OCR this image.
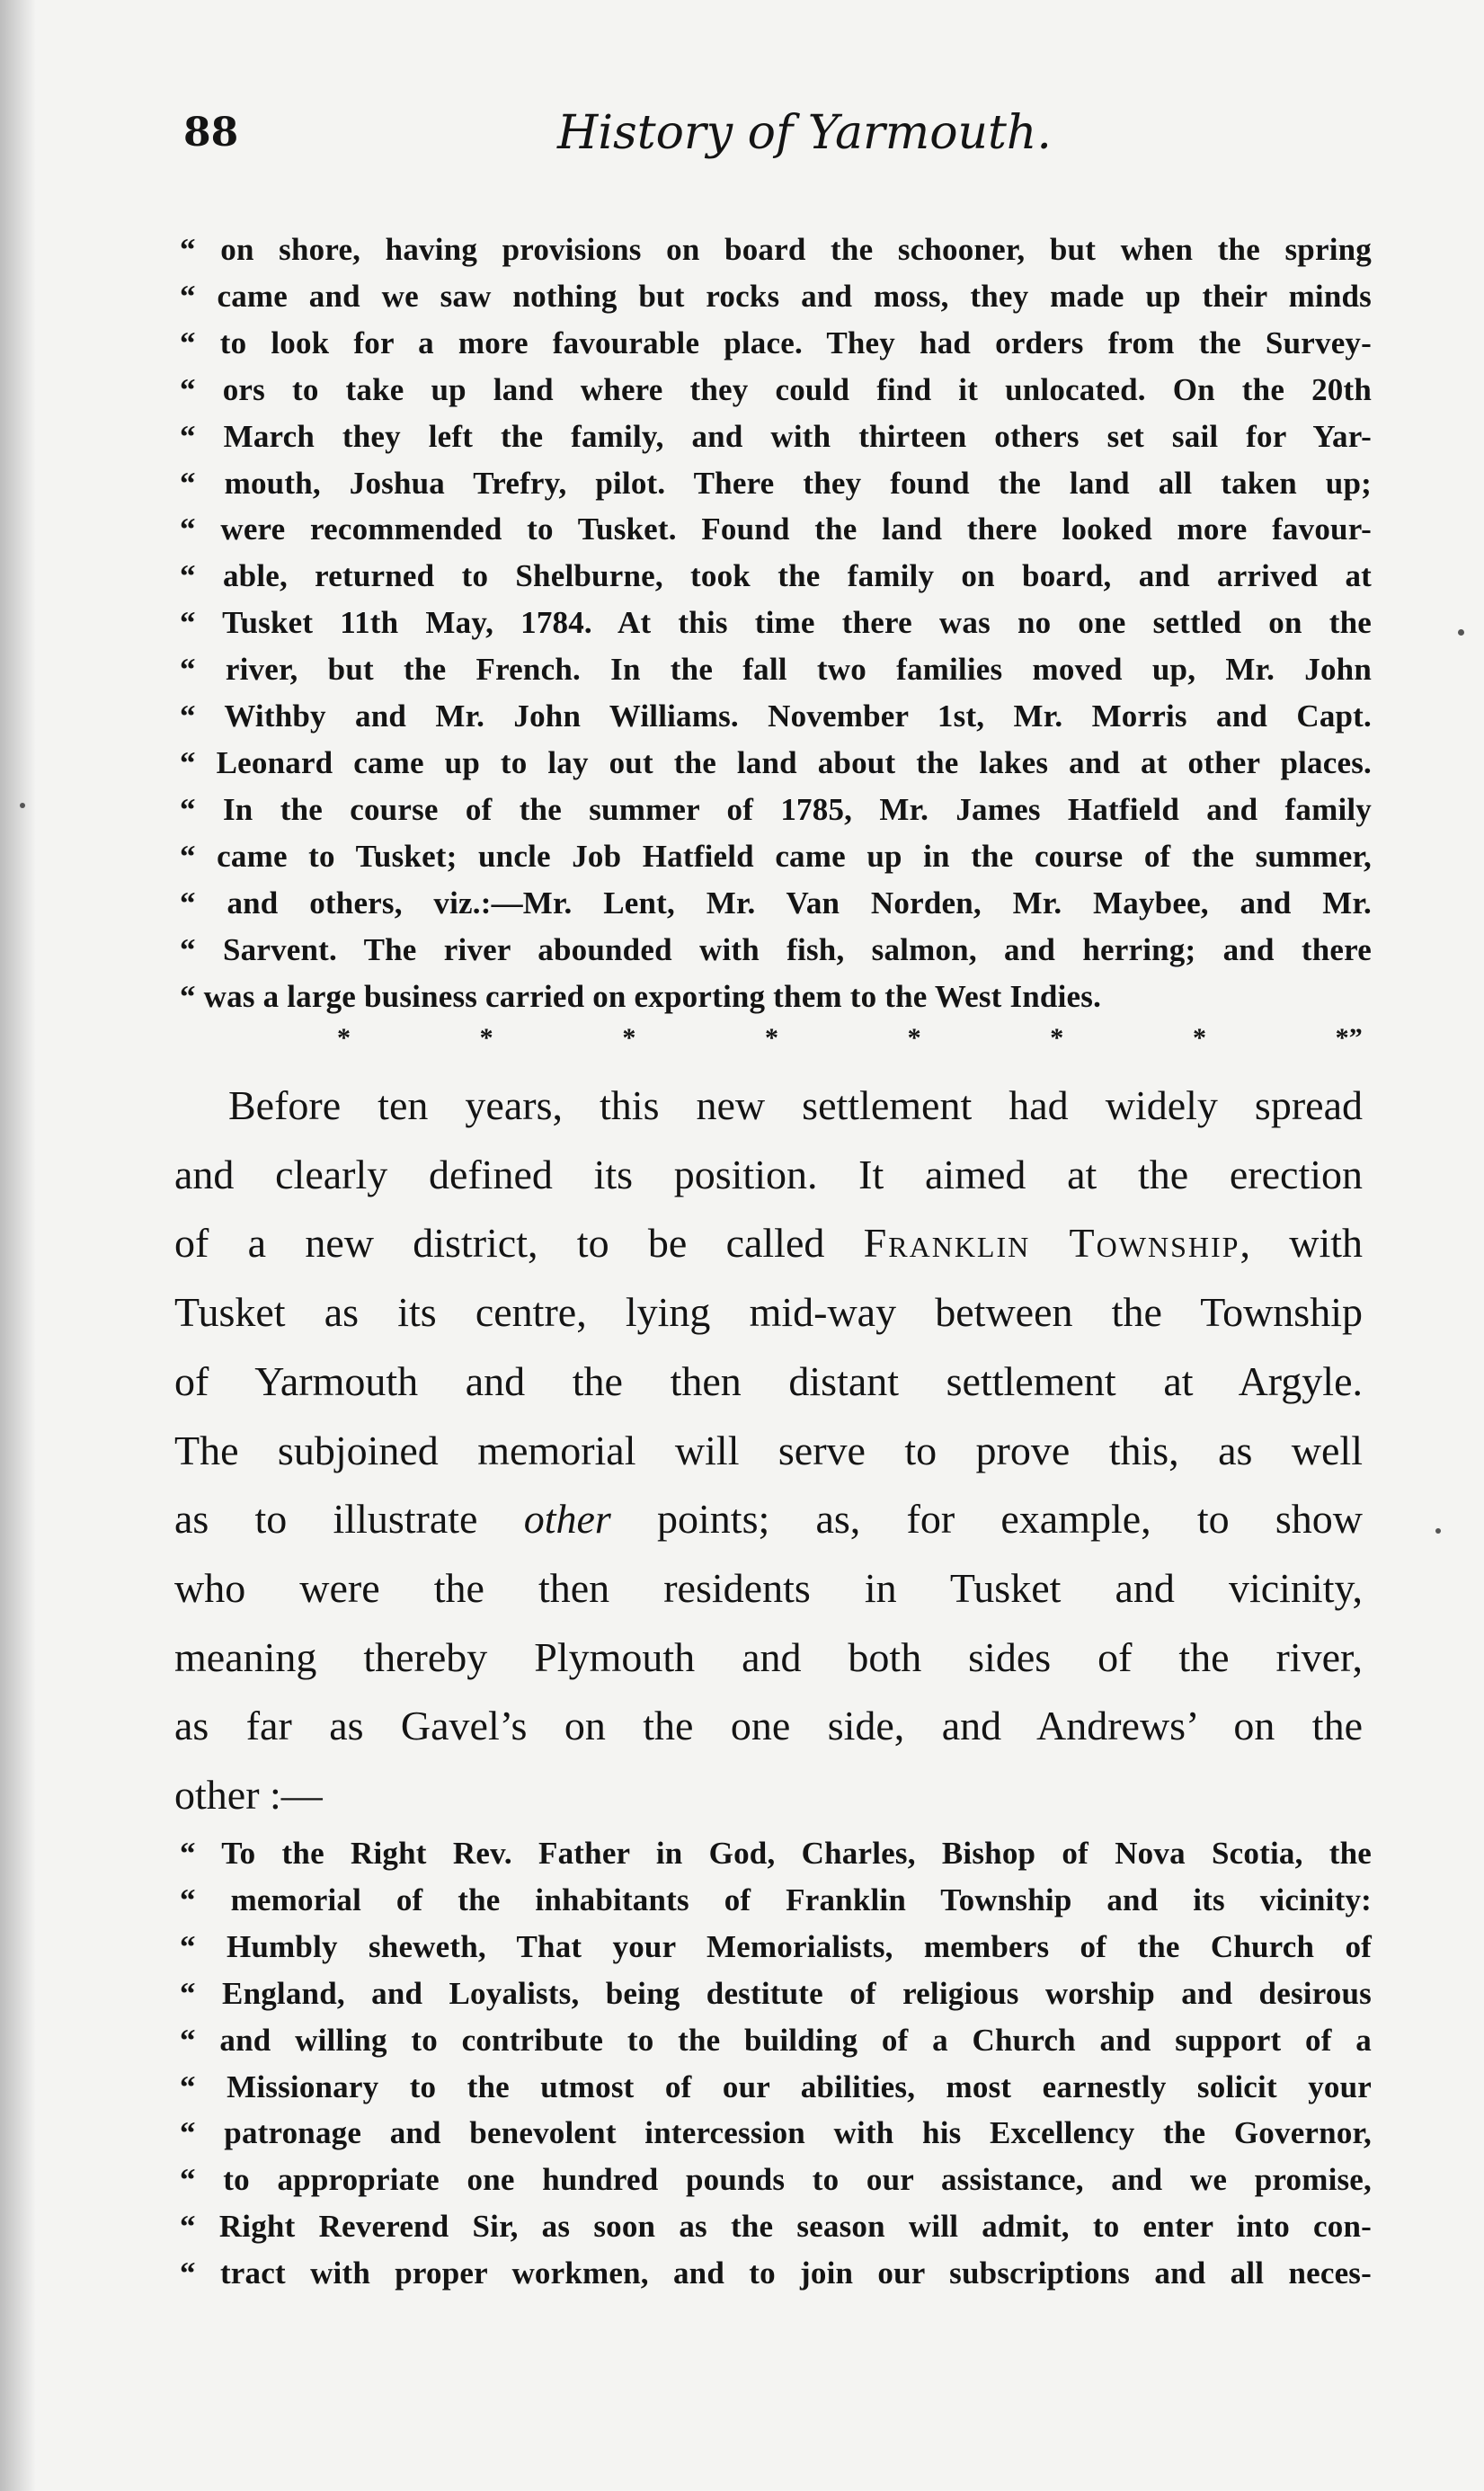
88	History of Yarmouth.
“ on shore, having provisions on board the schooner, but when the spring
“ came and we saw nothing but rocks and moss, they made up their minds
“ to look for a more favourable place. They had orders from the Survey-
“ ors to take up land where they could find it unlocated. On the 20th
“ March they left the family, and with thirteen others set sail for Yar-
“ mouth, Joshua Trefry, pilot. There they found the land all taken up;
“ were recommended to Tusket. Found the land there looked more favour-
“ able, returned to Shelburne, took the family on board, and arrived at
“ Tusket 11th May, 1784. At this time there was no one settled on the
“ river, but the French. In the fall two families moved up, Mr. John
“ Withby and Mr. John Williams. November 1st, Mr. Morris and Capt.
“ Leonard came up to lay out the land about the lakes and at other places.
“ In the course of the summer of 1785, Mr. James Hatfield and family
“ came to Tusket; uncle Job Hatfield came up in the course of the summer,
“ and others, viz.:—Mr. Lent, Mr. Van Norden, Mr. Maybee, and Mr.
“ Sarvent. The river abounded with fish, salmon, and herring; and there
“ was a large business carried on exporting them to the West Indies.
*	*	*	*	*	*	*	*”
Before ten years, this new settlement had widely spread
and clearly defined its position. It aimed at the erection
of a new district, to be called Franklin Township, with
Tusket as its centre, lying mid-way between the Township
of Yarmouth and the then distant settlement at Argyle.
The subjoined memorial will serve to prove this, as well
as to illustrate other points; as, for example, to show
who were the then residents in Tusket and vicinity,
meaning thereby Plymouth and both sides of the river,
as far as Gavel’s on the one side, and Andrews’ on the
other :—
“ To the Right Rev. Father in God, Charles, Bishop of Nova Scotia, the
“ memorial of the inhabitants of Franklin Township and its vicinity:
“ Humbly sheweth, That your Memorialists, members of the Church of
“ England, and Loyalists, being destitute of religious worship and desirous
“ and willing to contribute to the building of a Church and support of a
“ Missionary to the utmost of our abilities, most earnestly solicit your
“ patronage and benevolent intercession with his Excellency the Governor,
“ to appropriate one hundred pounds to our assistance, and we promise,
“ Right Reverend Sir, as soon as the season will admit, to enter into con-
“ tract with proper workmen, and to join our subscriptions and all neces-
